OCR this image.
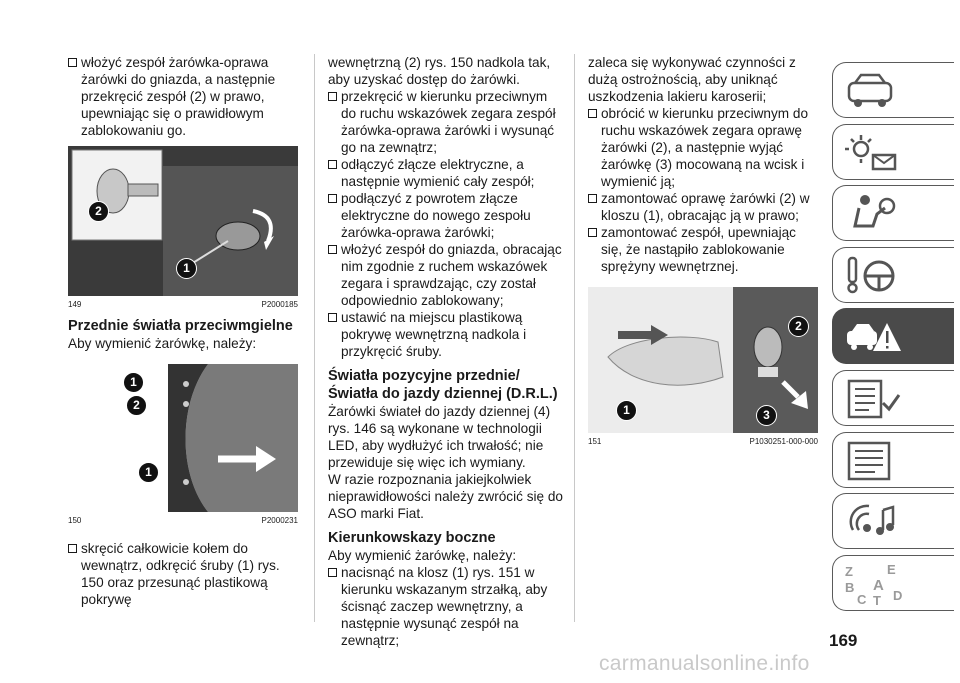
włożyć zespół żarówka-oprawa żarówki do gniazda, a następnie przekręcić zespół (2) w prawo, upewniając się o prawidłowym zablokowaniu go.

2
1
149	P2000185
Przednie światła przeciwmgielne

Aby wymienić żarówkę, należy:

1
2
1
150	P2000231

skręcić całkowicie kołem do wewnątrz, odkręcić śruby (1) rys. 150 oraz przesunąć plastikową pokrywę

wewnętrzną (2) rys. 150 nadkola tak, aby uzyskać dostęp do żarówki.

przekręcić w kierunku przeciwnym do ruchu wskazówek zegara zespół żarówka-oprawa żarówki i wysunąć go na zewnątrz;

odłączyć złącze elektryczne, a następnie wymienić cały zespół;

podłączyć z powrotem złącze elektryczne do nowego zespołu żarówka-oprawa żarówki;

włożyć zespół do gniazda, obracając nim zgodnie z ruchem wskazówek zegara i sprawdzając, czy został odpowiednio zablokowany;

ustawić na miejscu plastikową pokrywę wewnętrzną nadkola i przykręcić śruby.

Światła pozycyjne przednie/Światła do jazdy dziennej (D.R.L.)

Żarówki świateł do jazdy dziennej (4) rys. 146 są wykonane w technologii LED, aby wydłużyć ich trwałość; nie przewiduje się więc ich wymiany.

W razie rozpoznania jakiejkolwiek nieprawidłowości należy zwrócić się do ASO marki Fiat.

Kierunkowskazy boczne

Aby wymienić żarówkę, należy:

nacisnąć na klosz (1) rys. 151 w kierunku wskazanym strzałką, aby ścisnąć zaczep wewnętrzny, a następnie wysunąć zespół na zewnątrz;

zaleca się wykonywać czynności z dużą ostrożnością, aby uniknąć uszkodzenia lakieru karoserii;

obrócić w kierunku przeciwnym do ruchu wskazówek zegara oprawę żarówki (2), a następnie wyjąć żarówkę (3) mocowaną na wcisk i wymienić ją;

zamontować oprawę żarówki (2) w kloszu (1), obracając ją w prawo;

zamontować zespół, upewniając się, że nastąpiło zablokowanie sprężyny wewnętrznej.

2
1	3
151	P1030251-000-000
Z	E
B A
C T D
169
carmanualsonline.info
